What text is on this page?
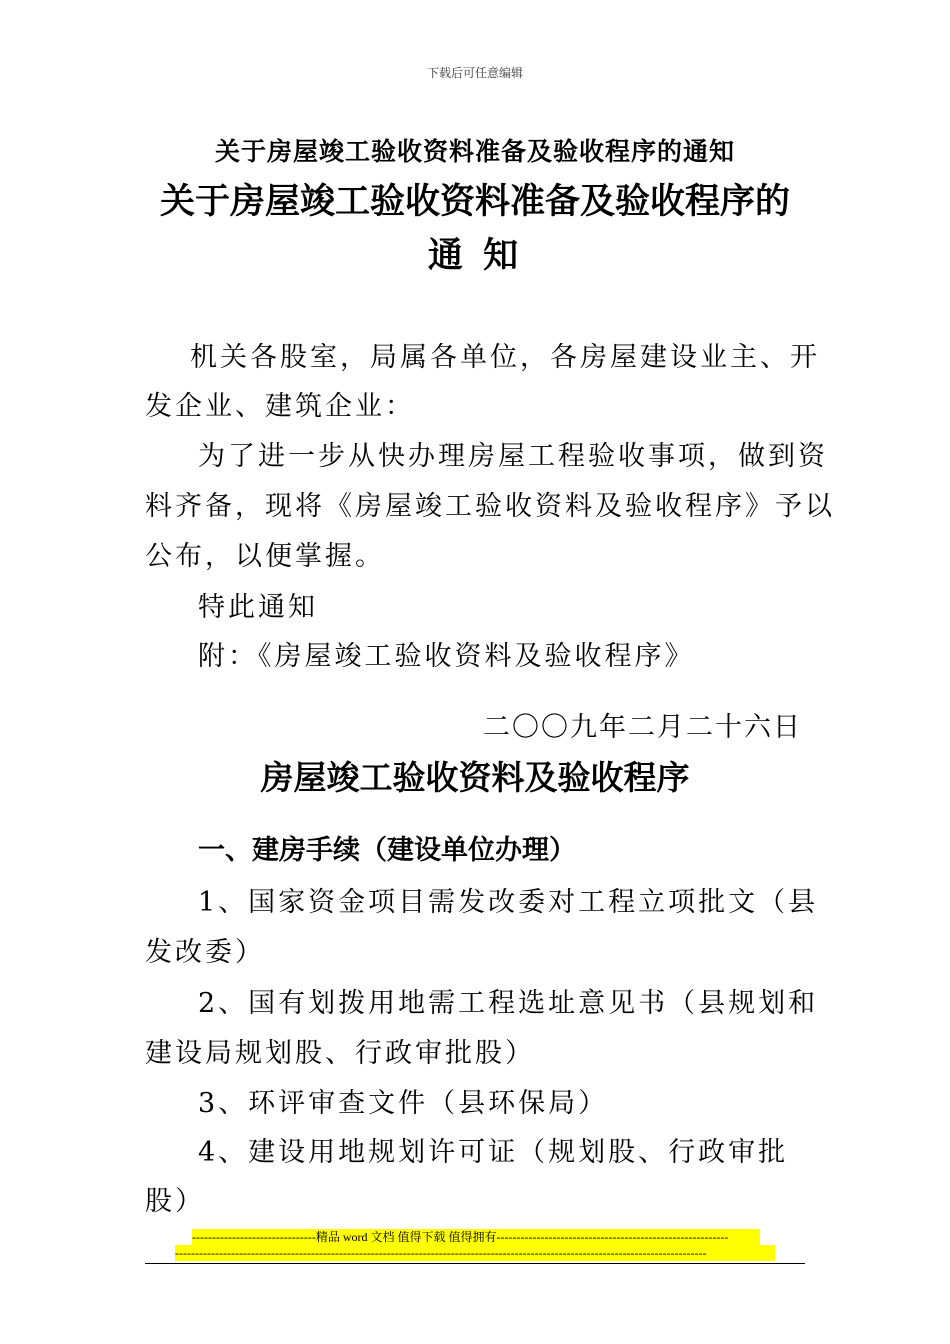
下载后可任意编辑
关于房屋竣工验收资料准备及验收程序的通知
关于房屋竣工验收资料准备及验收程序的
通 知
机关各股室，局属各单位，各房屋建设业主、开
发企业、建筑企业：
为了进一步从快办理房屋工程验收事项，做到资
料齐备，现将《房屋竣工验收资料及验收程序》予以
公布，以便掌握。
特此通知
附：《房屋竣工验收资料及验收程序》
二〇〇九年二月二十六日
房屋竣工验收资料及验收程序
一、建房手续（建设单位办理）
1、国家资金项目需发改委对工程立项批文（县
发改委）
2、国有划拨用地需工程选址意见书（县规划和
建设局规划股、行政审批股）
3、环评审查文件（县环保局）
4、建设用地规划许可证（规划股、行政审批
股）
-------------------------------精品 word 文档 值得下载 值得拥有----------------------------------------------------------
-------------------------------------------------------------------------------------------------------------------------------------
